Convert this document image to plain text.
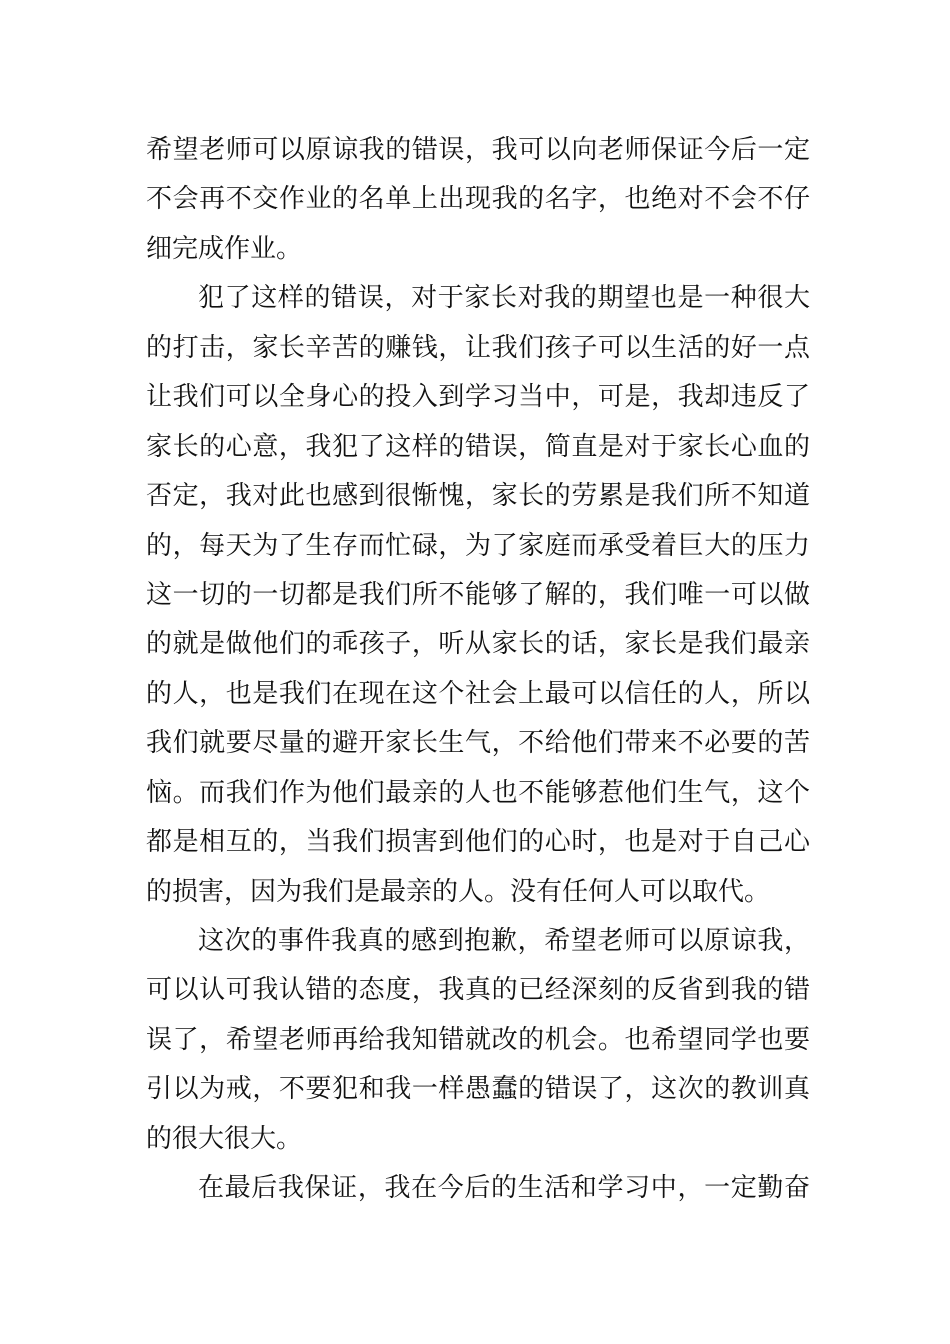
希望老师可以原谅我的错误，我可以向老师保证今后一定
不会再不交作业的名单上出现我的名字，也绝对不会不仔
细完成作业。
犯了这样的错误，对于家长对我的期望也是一种很大
的打击，家长辛苦的赚钱，让我们孩子可以生活的好一点
让我们可以全身心的投入到学习当中，可是，我却违反了
家长的心意，我犯了这样的错误，简直是对于家长心血的
否定，我对此也感到很惭愧，家长的劳累是我们所不知道
的，每天为了生存而忙碌，为了家庭而承受着巨大的压力
这一切的一切都是我们所不能够了解的，我们唯一可以做
的就是做他们的乖孩子，听从家长的话，家长是我们最亲
的人，也是我们在现在这个社会上最可以信任的人，所以
我们就要尽量的避开家长生气，不给他们带来不必要的苦
恼。而我们作为他们最亲的人也不能够惹他们生气，这个
都是相互的，当我们损害到他们的心时，也是对于自己心
的损害，因为我们是最亲的人。没有任何人可以取代。
这次的事件我真的感到抱歉，希望老师可以原谅我，
可以认可我认错的态度，我真的已经深刻的反省到我的错
误了，希望老师再给我知错就改的机会。也希望同学也要
引以为戒，不要犯和我一样愚蠢的错误了，这次的教训真
的很大很大。
在最后我保证，我在今后的生活和学习中，一定勤奋
